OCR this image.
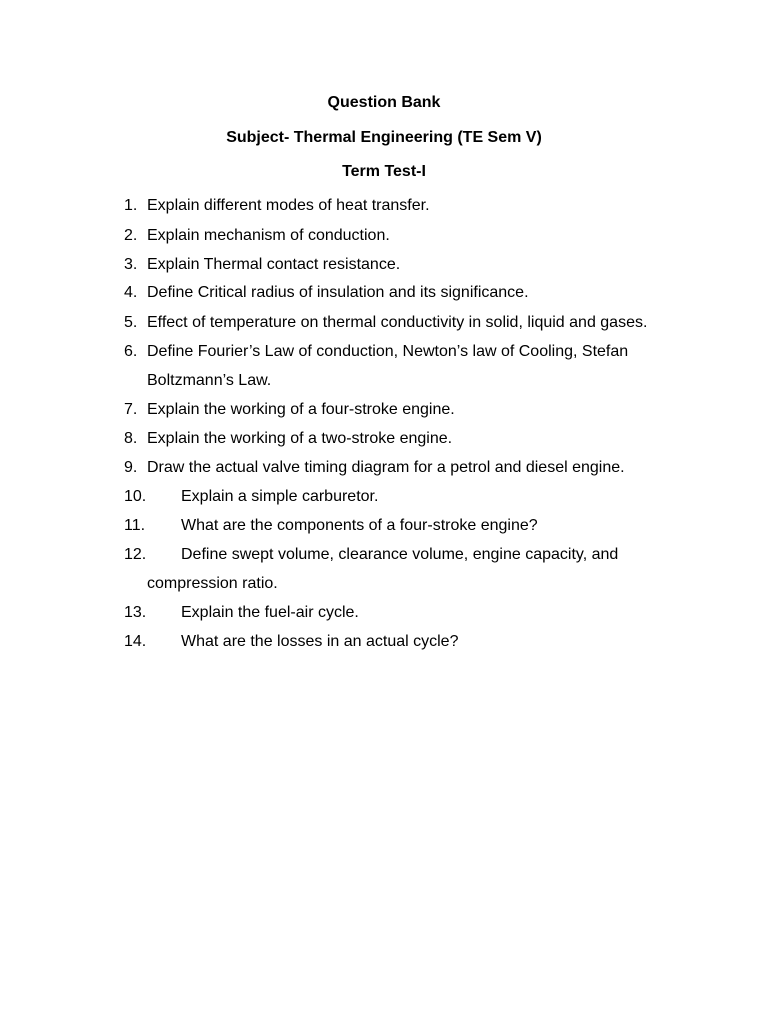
Question Bank
Subject- Thermal Engineering (TE Sem V)
Term Test-I
1. Explain different modes of heat transfer.
2. Explain mechanism of conduction.
3. Explain Thermal contact resistance.
4. Define Critical radius of insulation and its significance.
5. Effect of temperature on thermal conductivity in solid, liquid and gases.
6. Define Fourier’s Law of conduction, Newton’s law of Cooling, Stefan
Boltzmann’s Law.
7. Explain the working of a four-stroke engine.
8. Explain the working of a two-stroke engine.
9. Draw the actual valve timing diagram for a petrol and diesel engine.
10. Explain a simple carburetor.
11. What are the components of a four-stroke engine?
12. Define swept volume, clearance volume, engine capacity, and
compression ratio.
13. Explain the fuel-air cycle.
14. What are the losses in an actual cycle?
